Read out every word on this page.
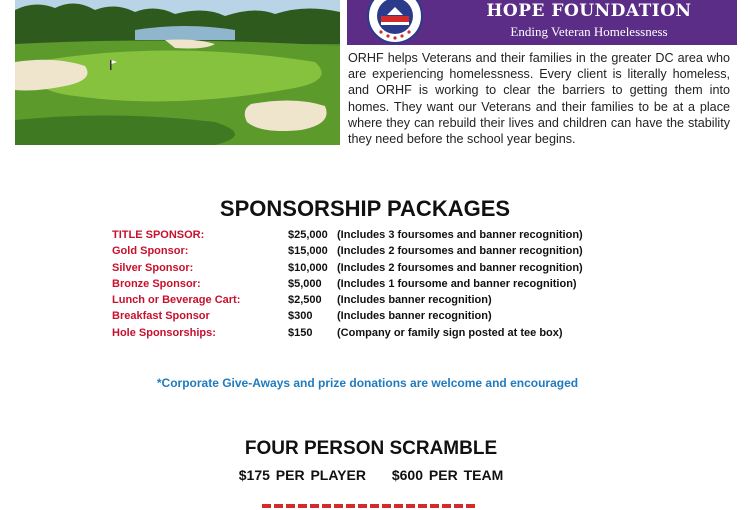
HOPE FOUNDATION
Ending Veteran Homelessness

ORHF helps Veterans and their families in the greater DC area who are experiencing homelessness. Every client is literally homeless, and ORHF is working to clear the barriers to getting them into homes. They want our Veterans and their families to be at a place where they can rebuild their lives and children can have the stability they need before the school year begins.

SPONSORSHIP PACKAGES
TITLE SPONSOR:	$25,000 (Includes 3 foursomes and banner recognition)
Gold Sponsor:	$15,000 (Includes 2 foursomes and banner recognition)
Silver Sponsor:	$10,000 (Includes 2 foursomes and banner recognition)
Bronze Sponsor:	$5,000 (Includes 1 foursome and banner recognition)
Lunch or Beverage Cart:	$2,500 (Includes banner recognition)
Breakfast Sponsor	$300 (Includes banner recognition)
Hole Sponsorships:	$150 (Company or family sign posted at tee box)

*Corporate Give-Aways and prize donations are welcome and encouraged

FOUR PERSON SCRAMBLE

$175 PER PLAYER $600 PER TEAM
